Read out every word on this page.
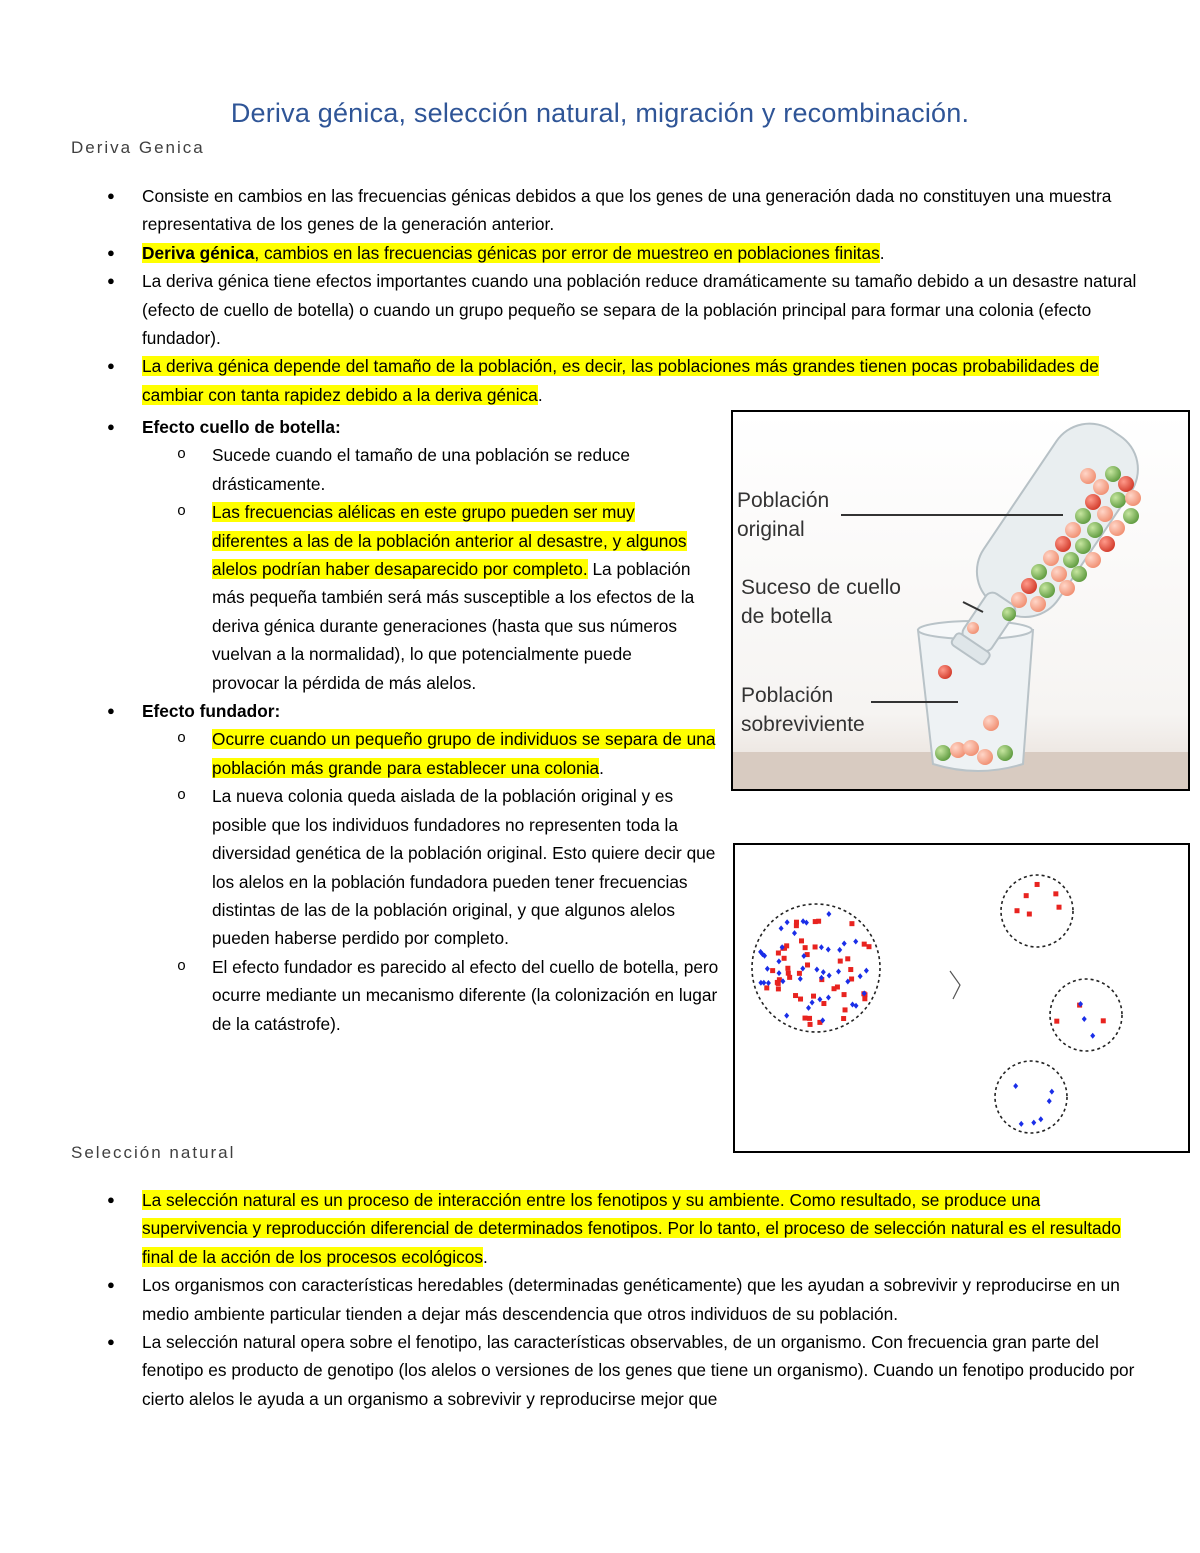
Deriva génica, selección natural, migración y recombinación.
Deriva Genica
● Consiste en cambios en las frecuencias génicas debidos a que los genes de una generación dada no constituyen una muestra representativa de los genes de la generación anterior.
● Deriva génica, cambios en las frecuencias génicas por error de muestreo en poblaciones finitas.
● La deriva génica tiene efectos importantes cuando una población reduce dramáticamente su tamaño debido a un desastre natural (efecto de cuello de botella) o cuando un grupo pequeño se separa de la población principal para formar una colonia (efecto fundador).
● La deriva génica depende del tamaño de la población, es decir, las poblaciones más grandes tienen pocas probabilidades de cambiar con tanta rapidez debido a la deriva génica.
● Efecto cuello de botella:
o Sucede cuando el tamaño de una población se reduce drásticamente.
o Las frecuencias alélicas en este grupo pueden ser muy diferentes a las de la población anterior al desastre, y algunos alelos podrían haber desaparecido por completo. La población más pequeña también será más susceptible a los efectos de la deriva génica durante generaciones (hasta que sus números vuelvan a la normalidad), lo que potencialmente puede provocar la pérdida de más alelos.
● Efecto fundador:
o Ocurre cuando un pequeño grupo de individuos se separa de una población más grande para establecer una colonia.
o La nueva colonia queda aislada de la población original y es posible que los individuos fundadores no representen toda la diversidad genética de la población original. Esto quiere decir que los alelos en la población fundadora pueden tener frecuencias distintas de las de la población original, y que algunos alelos pueden haberse perdido por completo.
o El efecto fundador es parecido al efecto del cuello de botella, pero ocurre mediante un mecanismo diferente (la colonización en lugar de la catástrofe).
Población
original
Suceso de cuello
de botella
Población
sobreviviente
Selección natural
● La selección natural es un proceso de interacción entre los fenotipos y su ambiente. Como resultado, se produce una supervivencia y reproducción diferencial de determinados fenotipos. Por lo tanto, el proceso de selección natural es el resultado final de la acción de los procesos ecológicos.
● Los organismos con características heredables (determinadas genéticamente) que les ayudan a sobrevivir y reproducirse en un medio ambiente particular tienden a dejar más descendencia que otros individuos de su población.
● La selección natural opera sobre el fenotipo, las características observables, de un organismo. Con frecuencia gran parte del fenotipo es producto de genotipo (los alelos o versiones de los genes que tiene un organismo). Cuando un fenotipo producido por cierto alelos le ayuda a un organismo a sobrevivir y reproducirse mejor que
